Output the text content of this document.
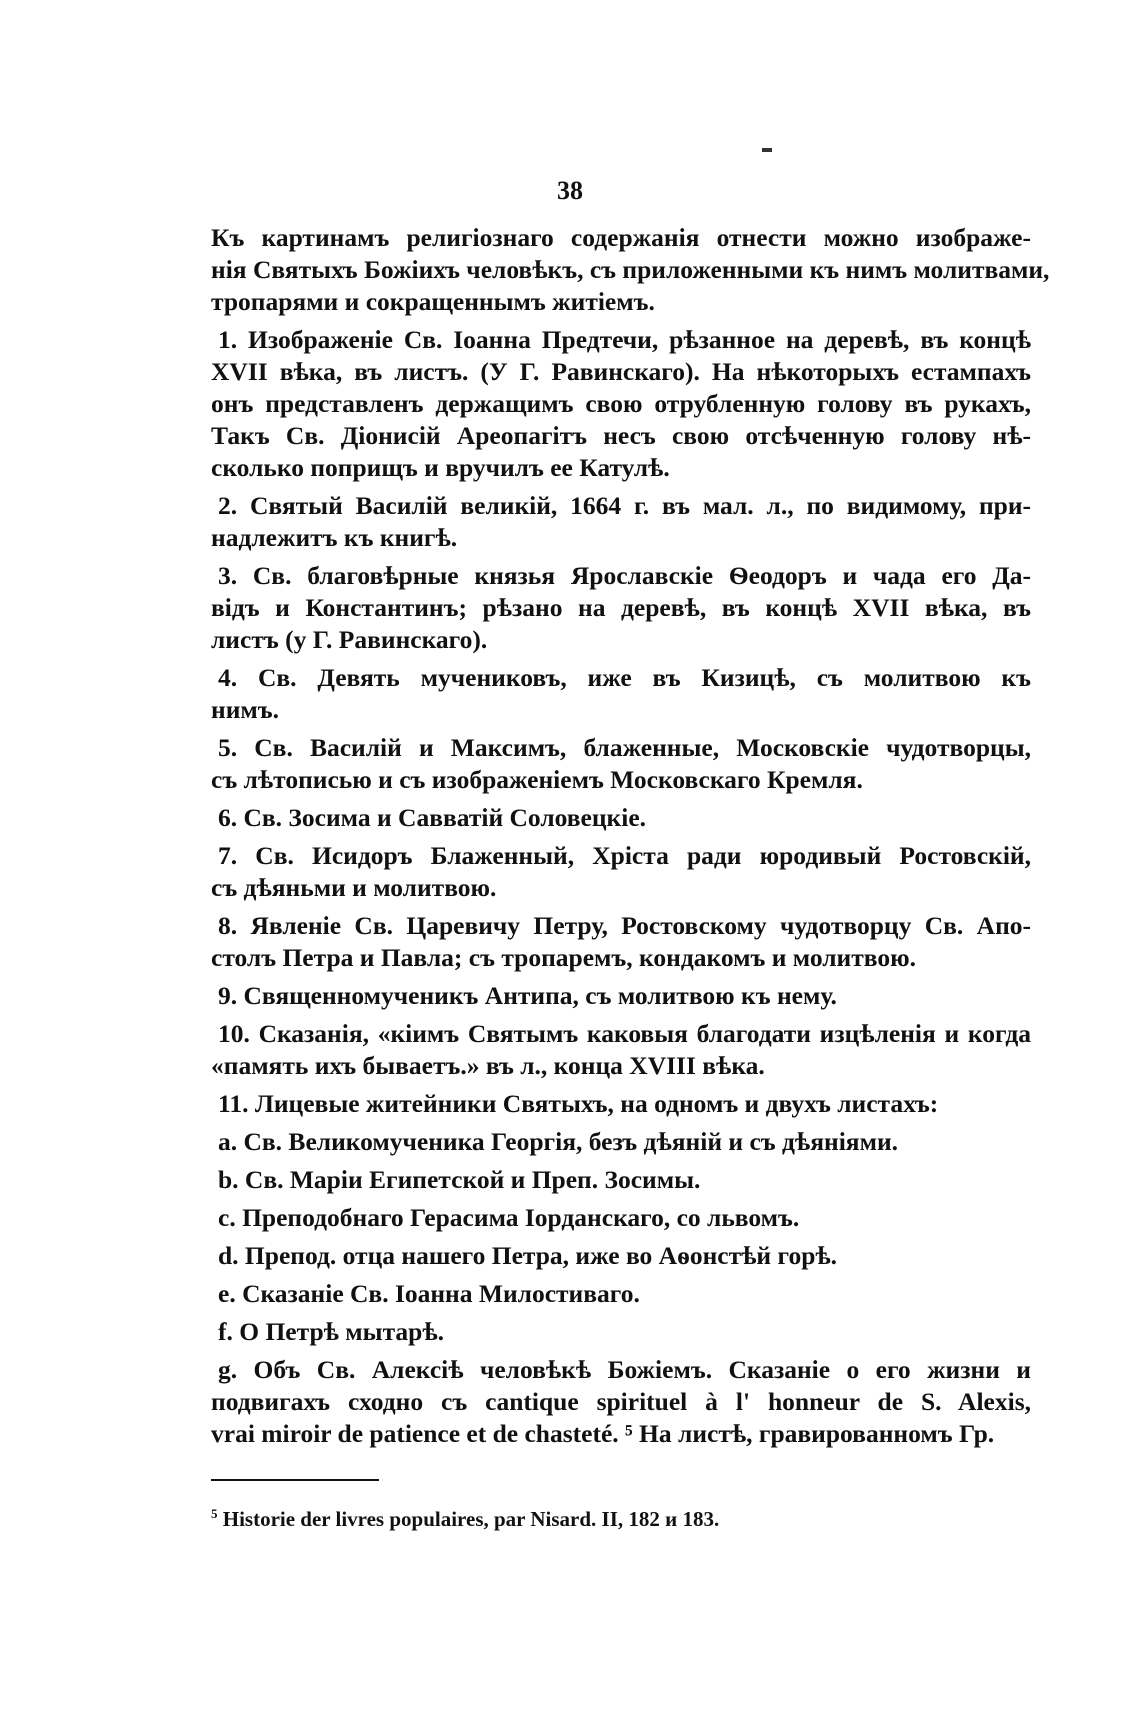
38
Къ картинамъ религіознаго содержанія отнести можно изображе-
нія Святыхъ Божіихъ человѣкъ, съ приложенными къ нимъ молитвами,
тропарями и сокращеннымъ житіемъ.
1. Изображеніе Св. Іоанна Предтечи, рѣзанное на деревѣ, въ концѣ
XVII вѣка, въ листъ. (У Г. Равинскаго). На нѣкоторыхъ естампахъ
онъ представленъ держащимъ свою отрубленную голову въ рукахъ,
Такъ Св. Діонисій Ареопагітъ несъ свою отсѣченную голову нѣ-
сколько поприщъ и вручилъ ее Катулѣ.
2. Святый Василій великій, 1664 г. въ мал. л., по видимому, при-
надлежитъ къ книгѣ.
3. Св. благовѣрные князья Ярославскіе Ѳеодоръ и чада его Да-
відъ и Константинъ; рѣзано на деревѣ, въ концѣ XVII вѣка, въ
листъ (у Г. Равинскаго).
4. Св. Девять мучениковъ, иже въ Кизицѣ, съ молитвою къ
нимъ.
5. Св. Василій и Максимъ, блаженные, Московскіе чудотворцы,
съ лѣтописью и съ изображеніемъ Московскаго Кремля.
6. Св. Зосима и Савватій Соловецкіе.
7. Св. Исидоръ Блаженный, Хріста ради юродивый Ростовскій,
съ дѣяньми и молитвою.
8. Явленіе Св. Царевичу Петру, Ростовскому чудотворцу Св. Апо-
столъ Петра и Павла; съ тропаремъ, кондакомъ и молитвою.
9. Священномученикъ Антипа, съ молитвою къ нему.
10. Сказанія, «кіимъ Святымъ каковыя благодати изцѣленія и когда
«память ихъ бываетъ.» въ л., конца XVIII вѣка.
11. Лицевые житейники Святыхъ, на одномъ и двухъ листахъ:
a. Св. Великомученика Георгія, безъ дѣяній и съ дѣяніями.
b. Св. Маріи Египетской и Преп. Зосимы.
c. Преподобнаго Герасима Іорданскаго, со львомъ.
d. Препод. отца нашего Петра, иже во Аѳонстѣй горѣ.
e. Сказаніе Св. Іоанна Милостиваго.
f. О Петрѣ мытарѣ.
g. Объ Св. Алексіѣ человѣкѣ Божіемъ. Сказаніе о его жизни и
подвигахъ сходно съ cantique spirituel à l' honneur de S. Alexis,
vrai miroir de patience et de chasteté. ⁵ На листѣ, гравированномъ Гр.
$^5$ Historie der livres populaires, par Nisard. II, 182 и 183.
